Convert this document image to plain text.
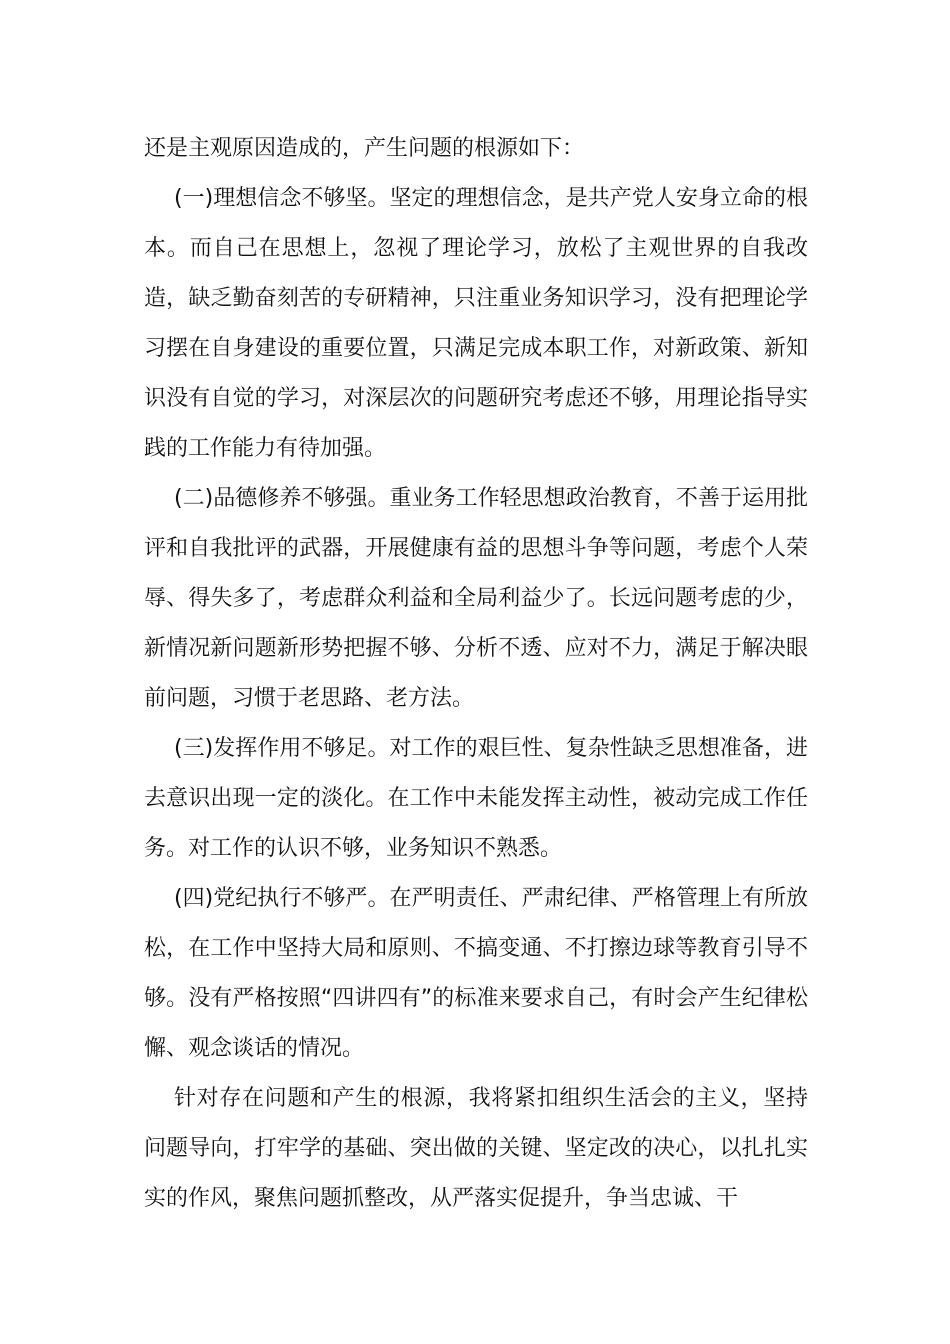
还是主观原因造成的，产生问题的根源如下：

(一)理想信念不够坚。坚定的理想信念，是共产党人安身立命的根本。而自己在思想上，忽视了理论学习，放松了主观世界的自我改造，缺乏勤奋刻苦的专研精神，只注重业务知识学习，没有把理论学习摆在自身建设的重要位置，只满足完成本职工作，对新政策、新知识没有自觉的学习，对深层次的问题研究考虑还不够，用理论指导实践的工作能力有待加强。

(二)品德修养不够强。重业务工作轻思想政治教育，不善于运用批评和自我批评的武器，开展健康有益的思想斗争等问题，考虑个人荣辱、得失多了，考虑群众利益和全局利益少了。长远问题考虑的少，新情况新问题新形势把握不够、分析不透、应对不力，满足于解决眼前问题，习惯于老思路、老方法。

(三)发挥作用不够足。对工作的艰巨性、复杂性缺乏思想准备，进去意识出现一定的淡化。在工作中未能发挥主动性，被动完成工作任务。对工作的认识不够，业务知识不熟悉。

(四)党纪执行不够严。在严明责任、严肃纪律、严格管理上有所放松，在工作中坚持大局和原则、不搞变通、不打擦边球等教育引导不够。没有严格按照“四讲四有”的标准来要求自己，有时会产生纪律松懈、观念谈话的情况。

针对存在问题和产生的根源，我将紧扣组织生活会的主义，坚持问题导向，打牢学的基础、突出做的关键、坚定改的决心，以扎扎实实的作风，聚焦问题抓整改，从严落实促提升，争当忠诚、干
